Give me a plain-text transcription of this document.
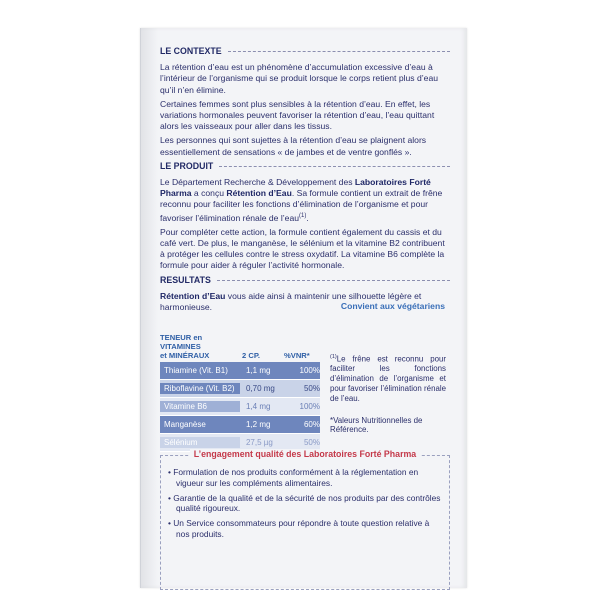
LE CONTEXTE

La rétention d’eau est un phénomène d’accumulation excessive d’eau à l’intérieur de l’organisme qui se produit lorsque le corps retient plus d’eau qu’il n’en élimine.

Certaines femmes sont plus sensibles à la rétention d’eau. En effet, les variations hormonales peuvent favoriser la rétention d’eau, l’eau quittant alors les vaisseaux pour aller dans les tissus.

Les personnes qui sont sujettes à la rétention d’eau se plaignent alors essentiellement de sensations « de jambes et de ventre gonflés ».

LE PRODUIT

Le Département Recherche & Développement des Laboratoires Forté Pharma a conçu Rétention d’Eau. Sa formule contient un extrait de frêne reconnu pour faciliter les fonctions d’élimination de l’organisme et pour favoriser l’élimination rénale de l’eau$^{(1)}$.

Pour compléter cette action, la formule contient également du cassis et du café vert. De plus, le manganèse, le sélénium et la vitamine B2 contribuent à protéger les cellules contre le stress oxydatif. La vitamine B6 complète la formule pour aider à réguler l’activité hormonale.

RESULTATS

Rétention d’Eau vous aide ainsi à maintenir une silhouette légère et harmonieuse.	Convient aux végétariens
TENEUR en VITAMINES
et MINÉRAUX	2 CP.	%VNR*
Thiamine (Vit. B1)	1,1 mg	100%
Riboflavine (Vit. B2)	0,70 mg	50%
Vitamine B6	1,4 mg	100%
Manganèse	1,2 mg	60%
Sélénium	27,5 µg	50%
$^{(1)}$Le frêne est reconnu pour faciliter les fonctions d’élimination de l’organisme et pour favoriser l’élimination rénale de l’eau.
*Valeurs Nutritionnelles de Référence.
L’engagement qualité des Laboratoires Forté Pharma
• Formulation de nos produits conformément à la réglementation en vigueur sur les compléments alimentaires.
• Garantie de la qualité et de la sécurité de nos produits par des contrôles qualité rigoureux.
• Un Service consommateurs pour répondre à toute question relative à nos produits.
